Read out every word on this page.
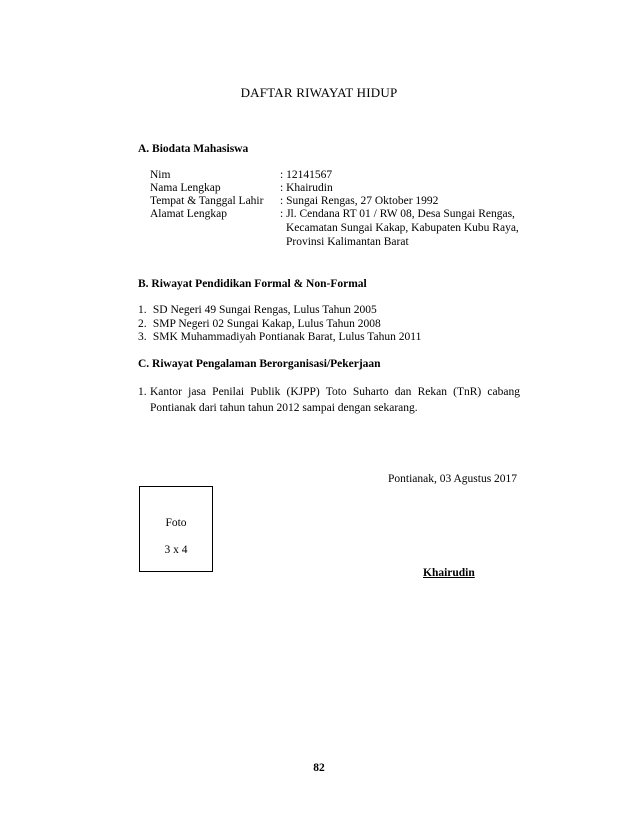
DAFTAR RIWAYAT HIDUP
A. Biodata Mahasiswa
Nim	: 12141567
Nama Lengkap	: Khairudin
Tempat & Tanggal Lahir : Sungai Rengas, 27 Oktober 1992
Alamat Lengkap	: Jl. Cendana RT 01 / RW 08, Desa Sungai Rengas,
Kecamatan Sungai Kakap, Kabupaten Kubu Raya,
Provinsi Kalimantan Barat
B. Riwayat Pendidikan Formal & Non-Formal
1. SD Negeri 49 Sungai Rengas, Lulus Tahun 2005
2. SMP Negeri 02 Sungai Kakap, Lulus Tahun 2008
3. SMK Muhammadiyah Pontianak Barat, Lulus Tahun 2011
C. Riwayat Pengalaman Berorganisasi/Pekerjaan
1. Kantor jasa Penilai Publik (KJPP) Toto Suharto dan Rekan (TnR) cabang
Pontianak dari tahun tahun 2012 sampai dengan sekarang.
Pontianak, 03 Agustus 2017
Foto
3 x 4
Khairudin
82
